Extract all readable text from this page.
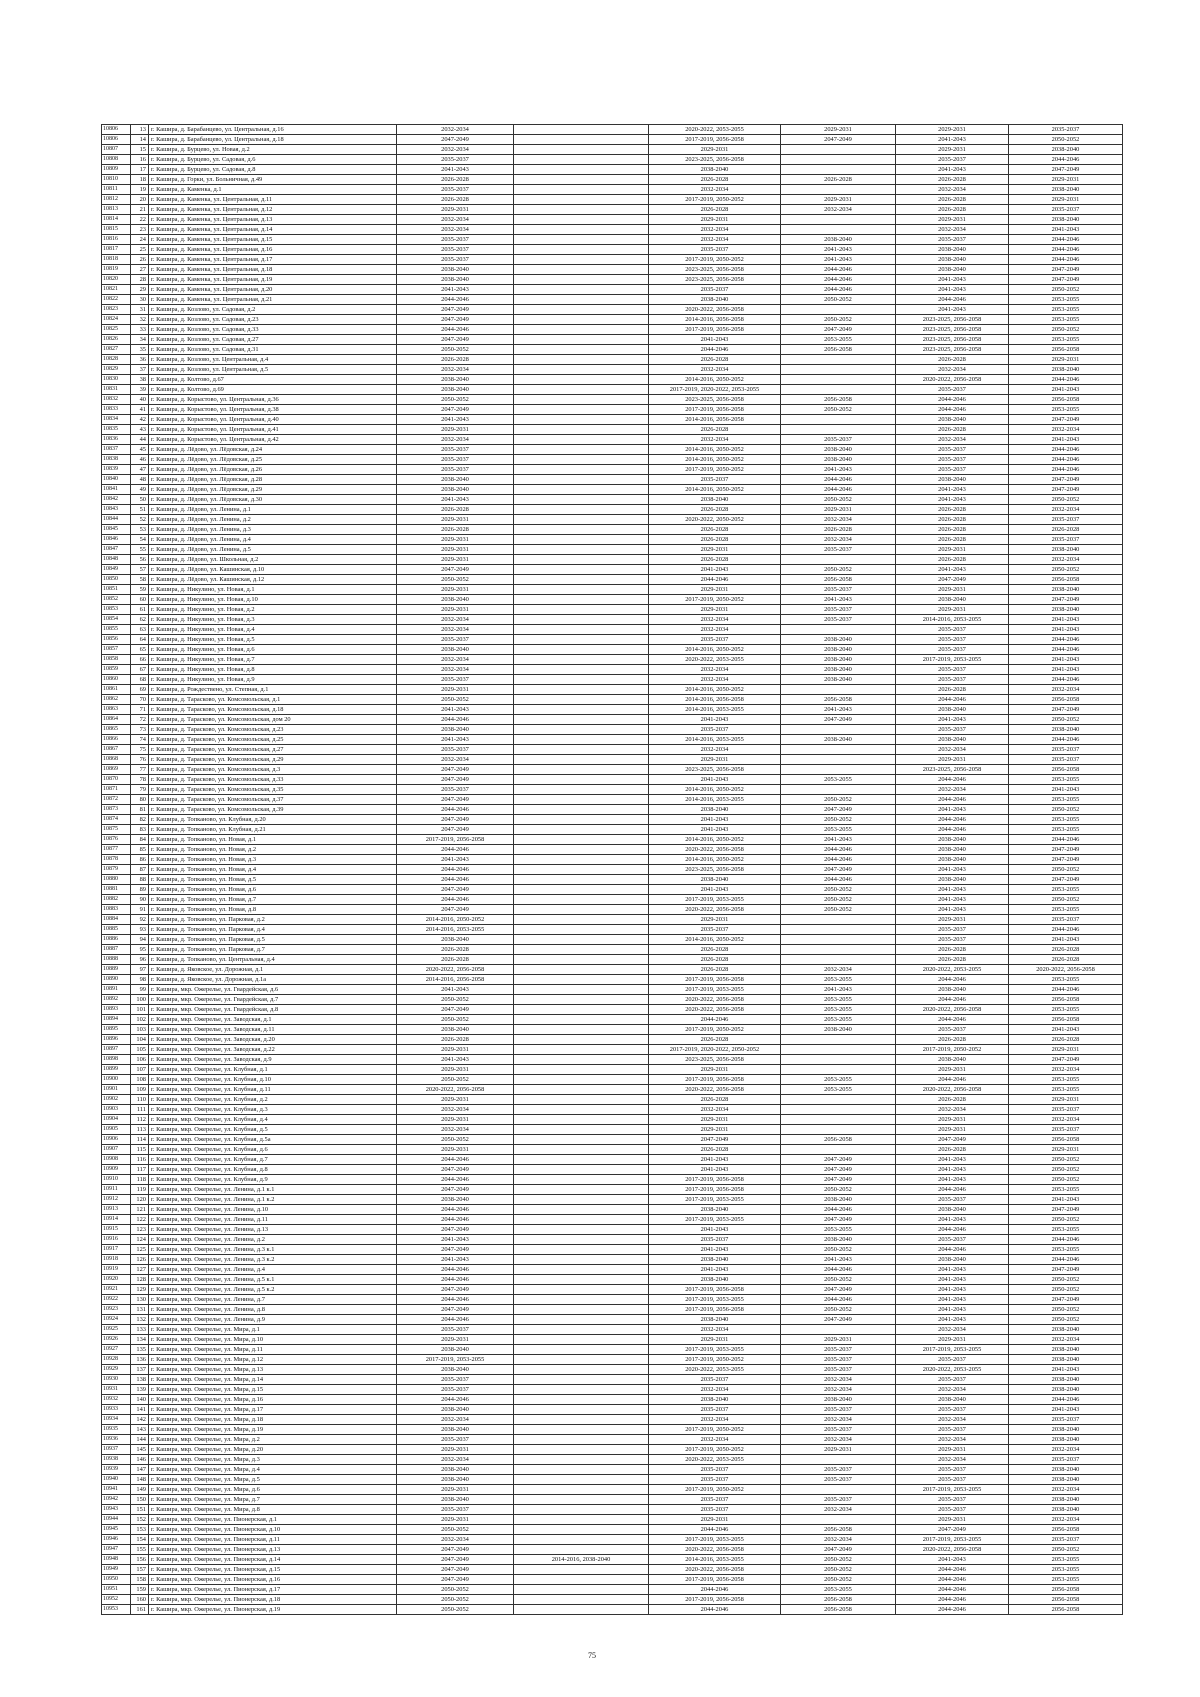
10806	13	г. Кашира, д. Барабанцево, ул. Центральная, д.16	2032-2034		2020-2022, 2053-2055	2029-2031	2029-2031	2035-2037
10806	14	г. Кашира, д. Барабанцево, ул. Центральная, д.18	2047-2049		2017-2019, 2056-2058	2047-2049	2041-2043	2050-2052
10807	15	г. Кашира, д. Бурцево, ул. Новая, д.2	2032-2034		2029-2031		2029-2031	2038-2040
10808	16	г. Кашира, д. Бурцево, ул. Садовая, д.6	2035-2037		2023-2025, 2056-2058		2035-2037	2044-2046
10809	17	г. Кашира, д. Бурцево, ул. Садовая, д.8	2041-2043		2038-2040		2041-2043	2047-2049
10810	18	г. Кашира, д. Горки, ул. Больничная, д.49	2026-2028		2026-2028	2026-2028	2026-2028	2029-2031
10811	19	г. Кашира, д. Каменка, д.1	2035-2037		2032-2034		2032-2034	2038-2040
10812	20	г. Кашира, д. Каменка, ул. Центральная, д.11	2026-2028		2017-2019, 2050-2052	2029-2031	2026-2028	2029-2031
10813	21	г. Кашира, д. Каменка, ул. Центральная, д.12	2029-2031		2026-2028	2032-2034	2026-2028	2035-2037
10814	22	г. Кашира, д. Каменка, ул. Центральная, д.13	2032-2034		2029-2031		2029-2031	2038-2040
10815	23	г. Кашира, д. Каменка, ул. Центральная, д.14	2032-2034		2032-2034		2032-2034	2041-2043
10816	24	г. Кашира, д. Каменка, ул. Центральная, д.15	2035-2037		2032-2034	2038-2040	2035-2037	2044-2046
10817	25	г. Кашира, д. Каменка, ул. Центральная, д.16	2035-2037		2035-2037	2041-2043	2038-2040	2044-2046
10818	26	г. Кашира, д. Каменка, ул. Центральная, д.17	2035-2037		2017-2019, 2050-2052	2041-2043	2038-2040	2044-2046
10819	27	г. Кашира, д. Каменка, ул. Центральная, д.18	2038-2040		2023-2025, 2056-2058	2044-2046	2038-2040	2047-2049
10820	28	г. Кашира, д. Каменка, ул. Центральная, д.19	2038-2040		2023-2025, 2056-2058	2044-2046	2041-2043	2047-2049
10821	29	г. Кашира, д. Каменка, ул. Центральная, д.20	2041-2043		2035-2037	2044-2046	2041-2043	2050-2052
10822	30	г. Кашира, д. Каменка, ул. Центральная, д.21	2044-2046		2038-2040	2050-2052	2044-2046	2053-2055
10823	31	г. Кашира, д. Козлово, ул. Садовая, д.2	2047-2049		2020-2022, 2056-2058		2041-2043	2053-2055
10824	32	г. Кашира, д. Козлово, ул. Садовая, д.23	2047-2049		2014-2016, 2056-2058	2050-2052	2023-2025, 2056-2058	2053-2055
10825	33	г. Кашира, д. Козлово, ул. Садовая, д.33	2044-2046		2017-2019, 2056-2058	2047-2049	2023-2025, 2056-2058	2050-2052
10826	34	г. Кашира, д. Козлово, ул. Садовая, д.27	2047-2049		2041-2043	2053-2055	2023-2025, 2056-2058	2053-2055
10827	35	г. Кашира, д. Козлово, ул. Садовая, д.31	2050-2052		2044-2046	2056-2058	2023-2025, 2056-2058	2056-2058
10828	36	г. Кашира, д. Козлово, ул. Центральная, д.4	2026-2028		2026-2028		2026-2028	2029-2031
10829	37	г. Кашира, д. Козлово, ул. Центральная, д.5	2032-2034		2032-2034		2032-2034	2038-2040
10830	38	г. Кашира, д. Колтово, д.67	2038-2040		2014-2016, 2050-2052		2020-2022, 2056-2058	2044-2046
10831	39	г. Кашира, д. Колтово, д.69	2038-2040		2017-2019, 2020-2022, 2053-2055		2035-2037	2041-2043
10832	40	г. Кашира, д. Корыстово, ул. Центральная, д.36	2050-2052		2023-2025, 2056-2058	2056-2058	2044-2046	2056-2058
10833	41	г. Кашира, д. Корыстово, ул. Центральная, д.38	2047-2049		2017-2019, 2056-2058	2050-2052	2044-2046	2053-2055
10834	42	г. Кашира, д. Корыстово, ул. Центральная, д.40	2041-2043		2014-2016, 2056-2058		2038-2040	2047-2049
10835	43	г. Кашира, д. Корыстово, ул. Центральная, д.41	2029-2031		2026-2028		2026-2028	2032-2034
10836	44	г. Кашира, д. Корыстово, ул. Центральная, д.42	2032-2034		2032-2034	2035-2037	2032-2034	2041-2043
10837	45	г. Кашира, д. Лёдово, ул. Лёдовская, д.24	2035-2037		2014-2016, 2050-2052	2038-2040	2035-2037	2044-2046
10838	46	г. Кашира, д. Лёдово, ул. Лёдовская, д.25	2035-2037		2014-2016, 2050-2052	2038-2040	2035-2037	2044-2046
10839	47	г. Кашира, д. Лёдово, ул. Лёдовская, д.26	2035-2037		2017-2019, 2050-2052	2041-2043	2035-2037	2044-2046
10840	48	г. Кашира, д. Лёдово, ул. Лёдовская, д.28	2038-2040		2035-2037	2044-2046	2038-2040	2047-2049
10841	49	г. Кашира, д. Лёдово, ул. Лёдовская, д.29	2038-2040		2014-2016, 2050-2052	2044-2046	2041-2043	2047-2049
10842	50	г. Кашира, д. Лёдово, ул. Лёдовская, д.30	2041-2043		2038-2040	2050-2052	2041-2043	2050-2052
10843	51	г. Кашира, д. Лёдово, ул. Ленина, д.1	2026-2028		2026-2028	2029-2031	2026-2028	2032-2034
10844	52	г. Кашира, д. Лёдово, ул. Ленина, д.2	2029-2031		2020-2022, 2050-2052	2032-2034	2026-2028	2035-2037
10845	53	г. Кашира, д. Лёдово, ул. Ленина, д.3	2026-2028		2026-2028	2026-2028	2026-2028	2026-2028
10846	54	г. Кашира, д. Лёдово, ул. Ленина, д.4	2029-2031		2026-2028	2032-2034	2026-2028	2035-2037
10847	55	г. Кашира, д. Лёдово, ул. Ленина, д.5	2029-2031		2029-2031	2035-2037	2029-2031	2038-2040
10848	56	г. Кашира, д. Лёдово, ул. Школьная, д.2	2029-2031		2026-2028		2026-2028	2032-2034
10849	57	г. Кашира, д. Лёдово, ул. Кашинская, д.10	2047-2049		2041-2043	2050-2052	2041-2043	2050-2052
10850	58	г. Кашира, д. Лёдово, ул. Кашинская, д.12	2050-2052		2044-2046	2056-2058	2047-2049	2056-2058
10851	59	г. Кашира, д. Никулино, ул. Новая, д.1	2029-2031		2029-2031	2035-2037	2029-2031	2038-2040
10852	60	г. Кашира, д. Никулино, ул. Новая, д.10	2038-2040		2017-2019, 2050-2052	2041-2043	2038-2040	2047-2049
10853	61	г. Кашира, д. Никулино, ул. Новая, д.2	2029-2031		2029-2031	2035-2037	2029-2031	2038-2040
10854	62	г. Кашира, д. Никулино, ул. Новая, д.3	2032-2034		2032-2034	2035-2037	2014-2016, 2053-2055	2041-2043
10855	63	г. Кашира, д. Никулино, ул. Новая, д.4	2032-2034		2032-2034		2035-2037	2041-2043
10856	64	г. Кашира, д. Никулино, ул. Новая, д.5	2035-2037		2035-2037	2038-2040	2035-2037	2044-2046
10857	65	г. Кашира, д. Никулино, ул. Новая, д.6	2038-2040		2014-2016, 2050-2052	2038-2040	2035-2037	2044-2046
10858	66	г. Кашира, д. Никулино, ул. Новая, д.7	2032-2034		2020-2022, 2053-2055	2038-2040	2017-2019, 2053-2055	2041-2043
10859	67	г. Кашира, д. Никулино, ул. Новая, д.8	2032-2034		2032-2034	2038-2040	2035-2037	2041-2043
10860	68	г. Кашира, д. Никулино, ул. Новая, д.9	2035-2037		2032-2034	2038-2040	2035-2037	2044-2046
10861	69	г. Кашира, д. Рождествено, ул. Степная, д.1	2029-2031		2014-2016, 2050-2052		2026-2028	2032-2034
10862	70	г. Кашира, д. Тарасково, ул. Комсомольская, д.1	2050-2052		2014-2016, 2056-2058	2056-2058	2044-2046	2056-2058
10863	71	г. Кашира, д. Тарасково, ул. Комсомольская, д.18	2041-2043		2014-2016, 2053-2055	2041-2043	2038-2040	2047-2049
10864	72	г. Кашира, д. Тарасково, ул. Комсомольская, дом 20	2044-2046		2041-2043	2047-2049	2041-2043	2050-2052
10865	73	г. Кашира, д. Тарасково, ул. Комсомольская, д.23	2038-2040		2035-2037		2035-2037	2038-2040
10866	74	г. Кашира, д. Тарасково, ул. Комсомольская, д.25	2041-2043		2014-2016, 2053-2055	2038-2040	2038-2040	2044-2046
10867	75	г. Кашира, д. Тарасково, ул. Комсомольская, д.27	2035-2037		2032-2034		2032-2034	2035-2037
10868	76	г. Кашира, д. Тарасково, ул. Комсомольская, д.29	2032-2034		2029-2031		2029-2031	2035-2037
10869	77	г. Кашира, д. Тарасково, ул. Комсомольская, д.3	2047-2049		2023-2025, 2056-2058		2023-2025, 2056-2058	2056-2058
10870	78	г. Кашира, д. Тарасково, ул. Комсомольская, д.33	2047-2049		2041-2043	2053-2055	2044-2046	2053-2055
10871	79	г. Кашира, д. Тарасково, ул. Комсомольская, д.35	2035-2037		2014-2016, 2050-2052		2032-2034	2041-2043
10872	80	г. Кашира, д. Тарасково, ул. Комсомольская, д.37	2047-2049		2014-2016, 2053-2055	2050-2052	2044-2046	2053-2055
10873	81	г. Кашира, д. Тарасково, ул. Комсомольская, д.39	2044-2046		2038-2040	2047-2049	2041-2043	2050-2052
10874	82	г. Кашира, д. Топканово, ул. Клубная, д.20	2047-2049		2041-2043	2050-2052	2044-2046	2053-2055
10875	83	г. Кашира, д. Топканово, ул. Клубная, д.21	2047-2049		2041-2043	2053-2055	2044-2046	2053-2055
10876	84	г. Кашира, д. Топканово, ул. Новая, д.1	2017-2019, 2056-2058		2014-2016, 2050-2052	2041-2043	2038-2040	2044-2046
10877	85	г. Кашира, д. Топканово, ул. Новая, д.2	2044-2046		2020-2022, 2056-2058	2044-2046	2038-2040	2047-2049
10878	86	г. Кашира, д. Топканово, ул. Новая, д.3	2041-2043		2014-2016, 2050-2052	2044-2046	2038-2040	2047-2049
10879	87	г. Кашира, д. Топканово, ул. Новая, д.4	2044-2046		2023-2025, 2056-2058	2047-2049	2041-2043	2050-2052
10880	88	г. Кашира, д. Топканово, ул. Новая, д.5	2044-2046		2038-2040	2044-2046	2038-2040	2047-2049
10881	89	г. Кашира, д. Топканово, ул. Новая, д.6	2047-2049		2041-2043	2050-2052	2041-2043	2053-2055
10882	90	г. Кашира, д. Топканово, ул. Новая, д.7	2044-2046		2017-2019, 2053-2055	2050-2052	2041-2043	2050-2052
10883	91	г. Кашира, д. Топканово, ул. Новая, д.8	2047-2049		2020-2022, 2056-2058	2050-2052	2041-2043	2053-2055
10884	92	г. Кашира, д. Топканово, ул. Парковая, д.2	2014-2016, 2050-2052		2029-2031		2029-2031	2035-2037
10885	93	г. Кашира, д. Топканово, ул. Парковая, д.4	2014-2016, 2053-2055		2035-2037		2035-2037	2044-2046
10886	94	г. Кашира, д. Топканово, ул. Парковая, д.5	2038-2040		2014-2016, 2050-2052		2035-2037	2041-2043
10887	95	г. Кашира, д. Топканово, ул. Парковая, д.7	2026-2028		2026-2028		2026-2028	2026-2028
10888	96	г. Кашира, д. Топканово, ул. Центральная, д.4	2026-2028		2026-2028		2026-2028	2026-2028
10889	97	г. Кашира, д. Яковское, ул. Дорожная, д.1	2020-2022, 2056-2058		2026-2028	2032-2034	2020-2022, 2053-2055	2020-2022, 2056-2058
10890	98	г. Кашира, д. Яковское, ул. Дорожная, д.1а	2014-2016, 2056-2058		2017-2019, 2056-2058	2053-2055	2044-2046	2053-2055
10891	99	г. Кашира, мкр. Ожерелье, ул. Гвардейская, д.6	2041-2043		2017-2019, 2053-2055	2041-2043	2038-2040	2044-2046
10892	100	г. Кашира, мкр. Ожерелье, ул. Гвардейская, д.7	2050-2052		2020-2022, 2056-2058	2053-2055	2044-2046	2056-2058
10893	101	г. Кашира, мкр. Ожерелье, ул. Гвардейская, д.8	2047-2049		2020-2022, 2056-2058	2053-2055	2020-2022, 2056-2058	2053-2055
10894	102	г. Кашира, мкр. Ожерелье, ул. Заводская, д.1	2050-2052		2044-2046	2053-2055	2044-2046	2056-2058
10895	103	г. Кашира, мкр. Ожерелье, ул. Заводская, д.11	2038-2040		2017-2019, 2050-2052	2038-2040	2035-2037	2041-2043
10896	104	г. Кашира, мкр. Ожерелье, ул. Заводская, д.20	2026-2028		2026-2028		2026-2028	2026-2028
10897	105	г. Кашира, мкр. Ожерелье, ул. Заводская, д.22	2029-2031		2017-2019, 2020-2022, 2050-2052		2017-2019, 2050-2052	2029-2031
10898	106	г. Кашира, мкр. Ожерелье, ул. Заводская, д.9	2041-2043		2023-2025, 2056-2058		2038-2040	2047-2049
10899	107	г. Кашира, мкр. Ожерелье, ул. Клубная, д.1	2029-2031		2029-2031		2029-2031	2032-2034
10900	108	г. Кашира, мкр. Ожерелье, ул. Клубная, д.10	2050-2052		2017-2019, 2056-2058	2053-2055	2044-2046	2053-2055
10901	109	г. Кашира, мкр. Ожерелье, ул. Клубная, д.11	2020-2022, 2056-2058		2020-2022, 2056-2058	2053-2055	2020-2022, 2056-2058	2053-2055
10902	110	г. Кашира, мкр. Ожерелье, ул. Клубная, д.2	2029-2031		2026-2028		2026-2028	2029-2031
10903	111	г. Кашира, мкр. Ожерелье, ул. Клубная, д.3	2032-2034		2032-2034		2032-2034	2035-2037
10904	112	г. Кашира, мкр. Ожерелье, ул. Клубная, д.4	2029-2031		2029-2031		2029-2031	2032-2034
10905	113	г. Кашира, мкр. Ожерелье, ул. Клубная, д.5	2032-2034		2029-2031		2029-2031	2035-2037
10906	114	г. Кашира, мкр. Ожерелье, ул. Клубная, д.5а	2050-2052		2047-2049	2056-2058	2047-2049	2056-2058
10907	115	г. Кашира, мкр. Ожерелье, ул. Клубная, д.6	2029-2031		2026-2028		2026-2028	2029-2031
10908	116	г. Кашира, мкр. Ожерелье, ул. Клубная, д.7	2044-2046		2041-2043	2047-2049	2041-2043	2050-2052
10909	117	г. Кашира, мкр. Ожерелье, ул. Клубная, д.8	2047-2049		2041-2043	2047-2049	2041-2043	2050-2052
10910	118	г. Кашира, мкр. Ожерелье, ул. Клубная, д.9	2044-2046		2017-2019, 2056-2058	2047-2049	2041-2043	2050-2052
10911	119	г. Кашира, мкр. Ожерелье, ул. Ленина, д.1 к.1	2047-2049		2017-2019, 2056-2058	2050-2052	2044-2046	2053-2055
10912	120	г. Кашира, мкр. Ожерелье, ул. Ленина, д.1 к.2	2038-2040		2017-2019, 2053-2055	2038-2040	2035-2037	2041-2043
10913	121	г. Кашира, мкр. Ожерелье, ул. Ленина, д.10	2044-2046		2038-2040	2044-2046	2038-2040	2047-2049
10914	122	г. Кашира, мкр. Ожерелье, ул. Ленина, д.11	2044-2046		2017-2019, 2053-2055	2047-2049	2041-2043	2050-2052
10915	123	г. Кашира, мкр. Ожерелье, ул. Ленина, д.13	2047-2049		2041-2043	2053-2055	2044-2046	2053-2055
10916	124	г. Кашира, мкр. Ожерелье, ул. Ленина, д.2	2041-2043		2035-2037	2038-2040	2035-2037	2044-2046
10917	125	г. Кашира, мкр. Ожерелье, ул. Ленина, д.3 к.1	2047-2049		2041-2043	2050-2052	2044-2046	2053-2055
10918	126	г. Кашира, мкр. Ожерелье, ул. Ленина, д.3 к.2	2041-2043		2038-2040	2041-2043	2038-2040	2044-2046
10919	127	г. Кашира, мкр. Ожерелье, ул. Ленина, д.4	2044-2046		2041-2043	2044-2046	2041-2043	2047-2049
10920	128	г. Кашира, мкр. Ожерелье, ул. Ленина, д.5 к.1	2044-2046		2038-2040	2050-2052	2041-2043	2050-2052
10921	129	г. Кашира, мкр. Ожерелье, ул. Ленина, д.5 к.2	2047-2049		2017-2019, 2056-2058	2047-2049	2041-2043	2050-2052
10922	130	г. Кашира, мкр. Ожерелье, ул. Ленина, д.7	2044-2046		2017-2019, 2053-2055	2044-2046	2041-2043	2047-2049
10923	131	г. Кашира, мкр. Ожерелье, ул. Ленина, д.8	2047-2049		2017-2019, 2056-2058	2050-2052	2041-2043	2050-2052
10924	132	г. Кашира, мкр. Ожерелье, ул. Ленина, д.9	2044-2046		2038-2040	2047-2049	2041-2043	2050-2052
10925	133	г. Кашира, мкр. Ожерелье, ул. Мира, д.1	2035-2037		2032-2034		2032-2034	2038-2040
10926	134	г. Кашира, мкр. Ожерелье, ул. Мира, д.10	2029-2031		2029-2031	2029-2031	2029-2031	2032-2034
10927	135	г. Кашира, мкр. Ожерелье, ул. Мира, д.11	2038-2040		2017-2019, 2053-2055	2035-2037	2017-2019, 2053-2055	2038-2040
10928	136	г. Кашира, мкр. Ожерелье, ул. Мира, д.12	2017-2019, 2053-2055		2017-2019, 2050-2052	2035-2037	2035-2037	2038-2040
10929	137	г. Кашира, мкр. Ожерелье, ул. Мира, д.13	2038-2040		2020-2022, 2053-2055	2035-2037	2020-2022, 2053-2055	2041-2043
10930	138	г. Кашира, мкр. Ожерелье, ул. Мира, д.14	2035-2037		2035-2037	2032-2034	2035-2037	2038-2040
10931	139	г. Кашира, мкр. Ожерелье, ул. Мира, д.15	2035-2037		2032-2034	2032-2034	2032-2034	2038-2040
10932	140	г. Кашира, мкр. Ожерелье, ул. Мира, д.16	2044-2046		2038-2040	2038-2040	2038-2040	2044-2046
10933	141	г. Кашира, мкр. Ожерелье, ул. Мира, д.17	2038-2040		2035-2037	2035-2037	2035-2037	2041-2043
10934	142	г. Кашира, мкр. Ожерелье, ул. Мира, д.18	2032-2034		2032-2034	2032-2034	2032-2034	2035-2037
10935	143	г. Кашира, мкр. Ожерелье, ул. Мира, д.19	2038-2040		2017-2019, 2050-2052	2035-2037	2035-2037	2038-2040
10936	144	г. Кашира, мкр. Ожерелье, ул. Мира, д.2	2035-2037		2032-2034	2032-2034	2032-2034	2038-2040
10937	145	г. Кашира, мкр. Ожерелье, ул. Мира, д.20	2029-2031		2017-2019, 2050-2052	2029-2031	2029-2031	2032-2034
10938	146	г. Кашира, мкр. Ожерелье, ул. Мира, д.3	2032-2034		2020-2022, 2053-2055		2032-2034	2035-2037
10939	147	г. Кашира, мкр. Ожерелье, ул. Мира, д.4	2038-2040		2035-2037	2035-2037	2035-2037	2038-2040
10940	148	г. Кашира, мкр. Ожерелье, ул. Мира, д.5	2038-2040		2035-2037	2035-2037	2035-2037	2038-2040
10941	149	г. Кашира, мкр. Ожерелье, ул. Мира, д.6	2029-2031		2017-2019, 2050-2052		2017-2019, 2053-2055	2032-2034
10942	150	г. Кашира, мкр. Ожерелье, ул. Мира, д.7	2038-2040		2035-2037	2035-2037	2035-2037	2038-2040
10943	151	г. Кашира, мкр. Ожерелье, ул. Мира, д.8	2035-2037		2035-2037	2032-2034	2035-2037	2038-2040
10944	152	г. Кашира, мкр. Ожерелье, ул. Пионерская, д.1	2029-2031		2029-2031		2029-2031	2032-2034
10945	153	г. Кашира, мкр. Ожерелье, ул. Пионерская, д.10	2050-2052		2044-2046	2056-2058	2047-2049	2056-2058
10946	154	г. Кашира, мкр. Ожерелье, ул. Пионерская, д.11	2032-2034		2017-2019, 2053-2055	2032-2034	2017-2019, 2053-2055	2035-2037
10947	155	г. Кашира, мкр. Ожерелье, ул. Пионерская, д.13	2047-2049		2020-2022, 2056-2058	2047-2049	2020-2022, 2056-2058	2050-2052
10948	156	г. Кашира, мкр. Ожерелье, ул. Пионерская, д.14	2047-2049	2014-2016, 2038-2040	2014-2016, 2053-2055	2050-2052	2041-2043	2053-2055
10949	157	г. Кашира, мкр. Ожерелье, ул. Пионерская, д.15	2047-2049		2020-2022, 2056-2058	2050-2052	2044-2046	2053-2055
10950	158	г. Кашира, мкр. Ожерелье, ул. Пионерская, д.16	2047-2049		2017-2019, 2056-2058	2050-2052	2044-2046	2053-2055
10951	159	г. Кашира, мкр. Ожерелье, ул. Пионерская, д.17	2050-2052		2044-2046	2053-2055	2044-2046	2056-2058
10952	160	г. Кашира, мкр. Ожерелье, ул. Пионерская, д.18	2050-2052		2017-2019, 2056-2058	2056-2058	2044-2046	2056-2058
10953	161	г. Кашира, мкр. Ожерелье, ул. Пионерская, д.19	2050-2052		2044-2046	2056-2058	2044-2046	2056-2058
75
